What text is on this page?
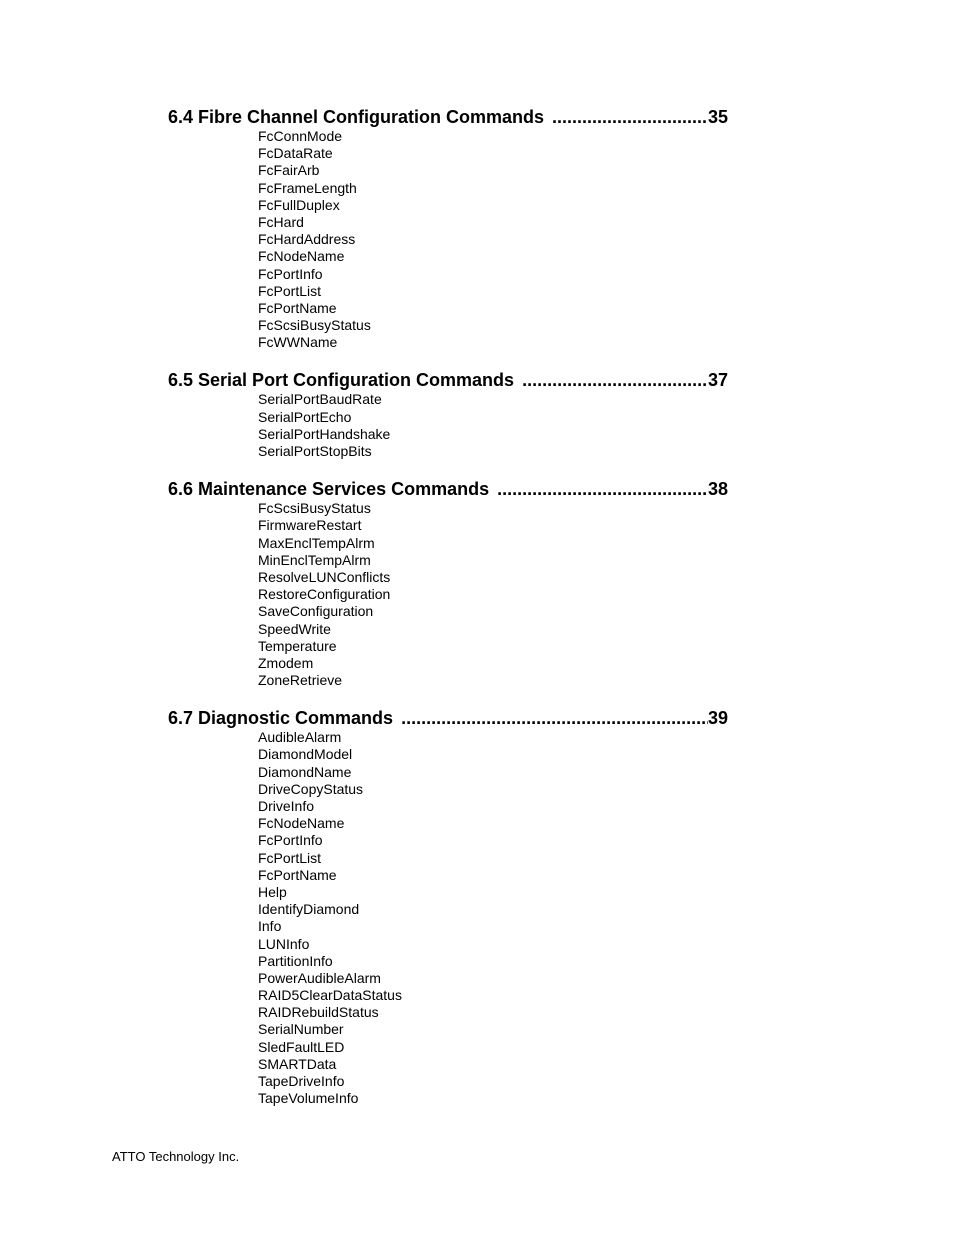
6.4 Fibre Channel Configuration Commands .....	35
FcConnMode
FcDataRate
FcFairArb
FcFrameLength
FcFullDuplex
FcHard
FcHardAddress
FcNodeName
FcPortInfo
FcPortList
FcPortName
FcScsiBusyStatus
FcWWName
6.5 Serial Port Configuration Commands .....	37
SerialPortBaudRate
SerialPortEcho
SerialPortHandshake
SerialPortStopBits
6.6 Maintenance Services Commands .....	38
FcScsiBusyStatus
FirmwareRestart
MaxEnclTempAlrm
MinEnclTempAlrm
ResolveLUNConflicts
RestoreConfiguration
SaveConfiguration
SpeedWrite
Temperature
Zmodem
ZoneRetrieve
6.7 Diagnostic Commands .....	39
AudibleAlarm
DiamondModel
DiamondName
DriveCopyStatus
DriveInfo
FcNodeName
FcPortInfo
FcPortList
FcPortName
Help
IdentifyDiamond
Info
LUNInfo
PartitionInfo
PowerAudibleAlarm
RAID5ClearDataStatus
RAIDRebuildStatus
SerialNumber
SledFaultLED
SMARTData
TapeDriveInfo
TapeVolumeInfo
ATTO Technology Inc.
